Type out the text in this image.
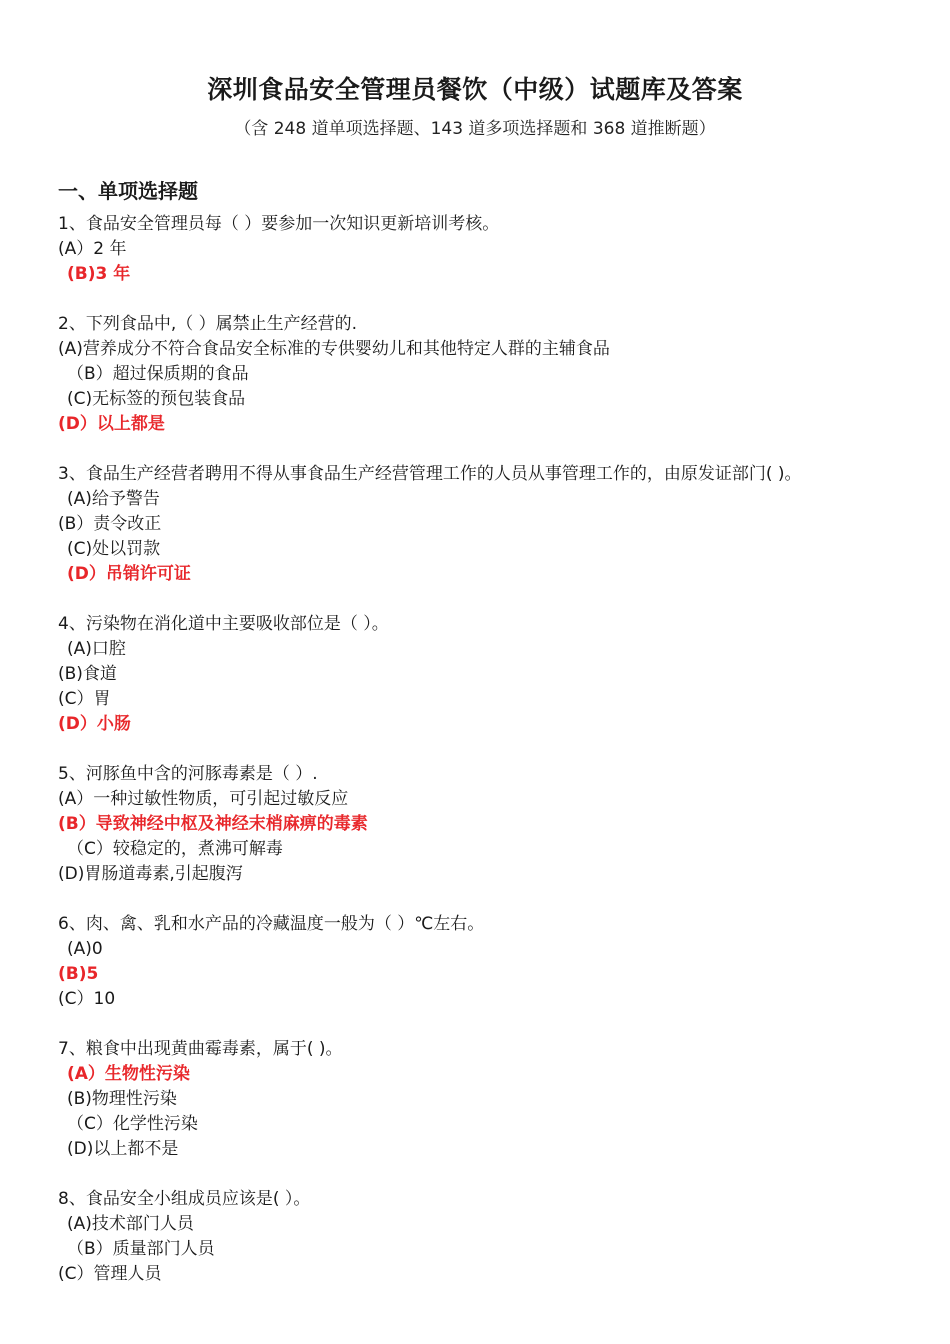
深圳食品安全管理员餐饮（中级）试题库及答案
（含 248 道单项选择题、143 道多项选择题和 368 道推断题）
一、单项选择题
1、食品安全管理员每（ ）要参加一次知识更新培训考核。
(A）2 年
(B)3 年
2、下列食品中,（ ）属禁止生产经营的.
(A)营养成分不符合食品安全标准的专供婴幼儿和其他特定人群的主辅食品
（B）超过保质期的食品
(C)无标签的预包装食品
(D）以上都是
3、食品生产经营者聘用不得从事食品生产经营管理工作的人员从事管理工作的，由原发证部门( )。
(A)给予警告
(B）责令改正
(C)处以罚款
(D）吊销许可证
4、污染物在消化道中主要吸收部位是（ ）。
(A)口腔
(B)食道
(C）胃
(D）小肠
5、河豚鱼中含的河豚毒素是（ ）.
(A）一种过敏性物质，可引起过敏反应
(B）导致神经中枢及神经末梢麻痹的毒素
（C）较稳定的，煮沸可解毒
(D)胃肠道毒素,引起腹泻
6、肉、禽、乳和水产品的冷藏温度一般为（ ）℃左右。
(A)0
(B)5
(C）10
7、粮食中出现黄曲霉毒素，属于( )。
(A）生物性污染
(B)物理性污染
（C）化学性污染
(D)以上都不是
8、食品安全小组成员应该是( ）。
(A)技术部门人员
（B）质量部门人员
(C）管理人员
